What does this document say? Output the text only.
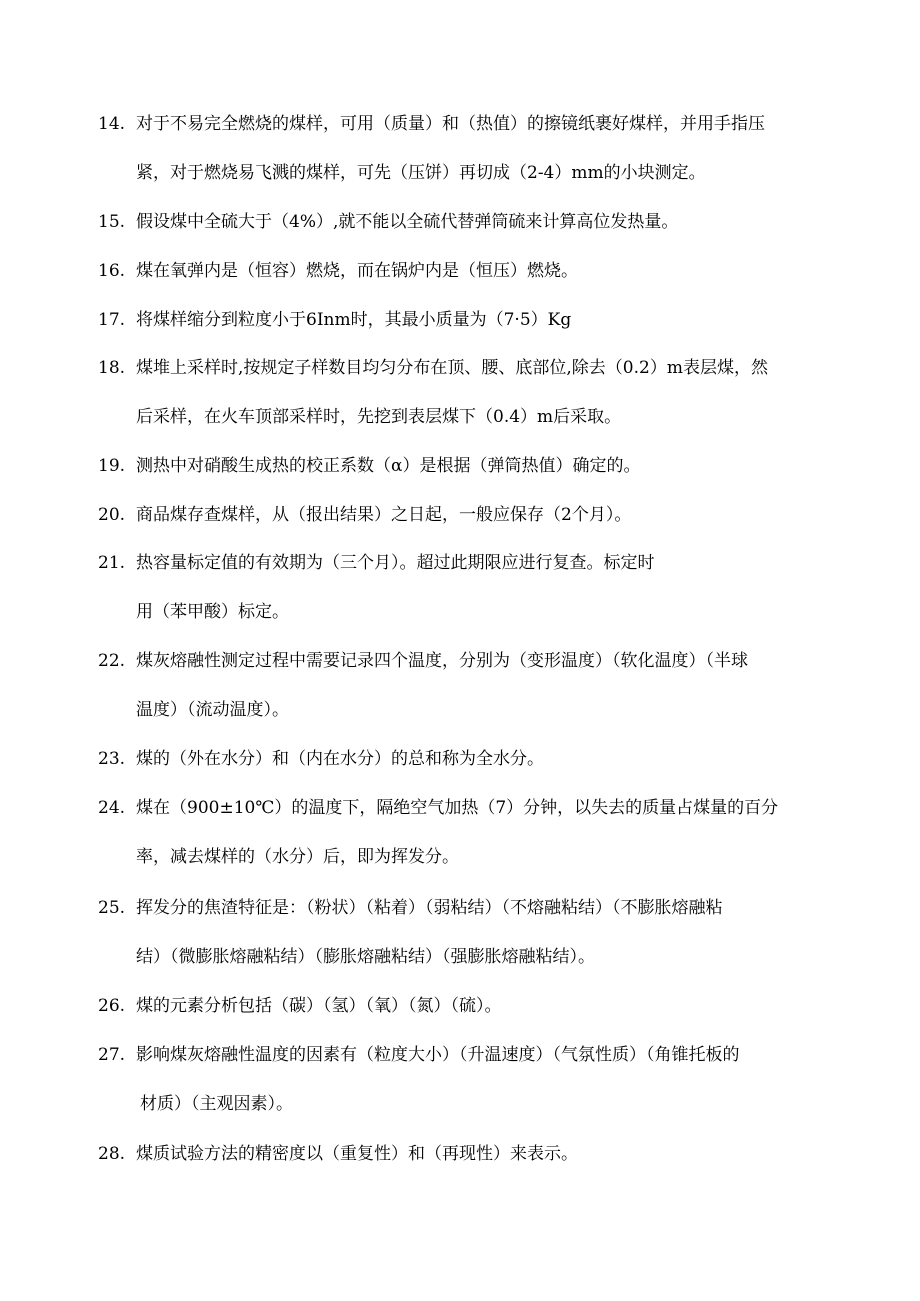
14. 对于不易完全燃烧的煤样，可用（质量）和（热值）的擦镜纸裹好煤样，并用手指压
紧，对于燃烧易飞溅的煤样，可先（压饼）再切成（2-4）mm的小块测定。
15. 假设煤中全硫大于（4%）,就不能以全硫代替弹筒硫来计算高位发热量。
16. 煤在氧弹内是（恒容）燃烧，而在锅炉内是（恒压）燃烧。
17. 将煤样缩分到粒度小于6Inm时，其最小质量为（7·5）Kg
18. 煤堆上采样时,按规定子样数目均匀分布在顶、腰、底部位,除去（0.2）m表层煤，然
后采样，在火车顶部采样时，先挖到表层煤下（0.4）m后采取。
19. 测热中对硝酸生成热的校正系数（α）是根据（弹筒热值）确定的。
20. 商品煤存查煤样，从（报出结果）之日起，一般应保存（2个月）。
21. 热容量标定值的有效期为（三个月）。超过此期限应进行复查。标定时
用（苯甲酸）标定。
22. 煤灰熔融性测定过程中需要记录四个温度，分别为（变形温度）（软化温度）（半球
温度）（流动温度）。
23. 煤的（外在水分）和（内在水分）的总和称为全水分。
24. 煤在（900±10℃）的温度下，隔绝空气加热（7）分钟，以失去的质量占煤量的百分
率，减去煤样的（水分）后，即为挥发分。
25. 挥发分的焦渣特征是：（粉状）（粘着）（弱粘结）（不熔融粘结）（不膨胀熔融粘
结）（微膨胀熔融粘结）（膨胀熔融粘结）（强膨胀熔融粘结）。
26. 煤的元素分析包括（碳）（氢）（氧）（氮）（硫）。
27. 影响煤灰熔融性温度的因素有（粒度大小）（升温速度）（气氛性质）（角锥托板的
材质）（主观因素）。
28. 煤质试验方法的精密度以（重复性）和（再现性）来表示。
